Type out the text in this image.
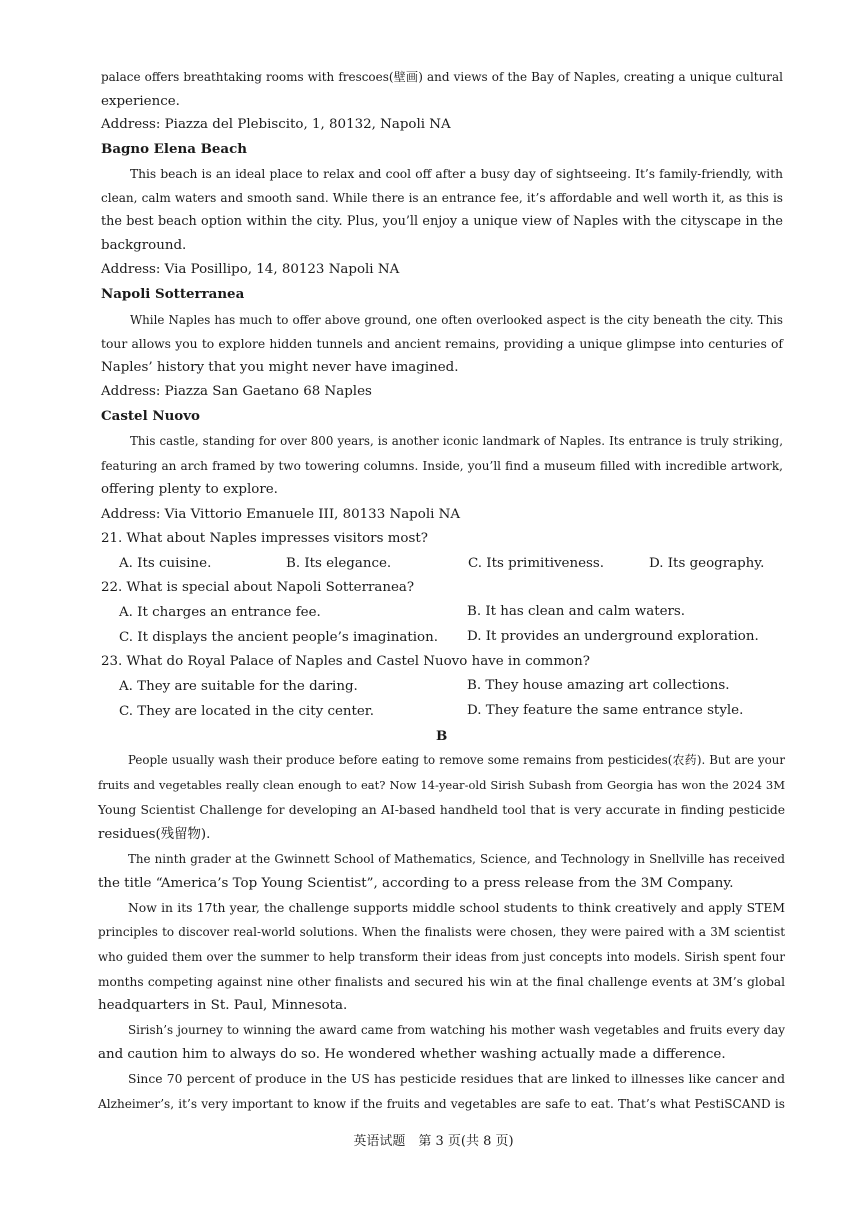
palace offers breathtaking rooms with frescoes(壁画) and views of the Bay of Naples, creating a unique cultural
experience.
Address: Piazza del Plebiscito, 1, 80132, Napoli NA
Bagno Elena Beach
This beach is an ideal place to relax and cool off after a busy day of sightseeing. It’s family-friendly, with
clean, calm waters and smooth sand. While there is an entrance fee, it’s affordable and well worth it, as this is
the best beach option within the city. Plus, you’ll enjoy a unique view of Naples with the cityscape in the
background.
Address: Via Posillipo, 14, 80123 Napoli NA
Napoli Sotterranea
While Naples has much to offer above ground, one often overlooked aspect is the city beneath the city. This
tour allows you to explore hidden tunnels and ancient remains, providing a unique glimpse into centuries of
Naples’ history that you might never have imagined.
Address: Piazza San Gaetano 68 Naples
Castel Nuovo
This castle, standing for over 800 years, is another iconic landmark of Naples. Its entrance is truly striking,
featuring an arch framed by two towering columns. Inside, you’ll find a museum filled with incredible artwork,
offering plenty to explore.
Address: Via Vittorio Emanuele III, 80133 Napoli NA
21. What about Naples impresses visitors most?
A. Its cuisine.	B. Its elegance.	C. Its primitiveness.	D. Its geography.
22. What is special about Napoli Sotterranea?
A. It charges an entrance fee.	B. It has clean and calm waters.
C. It displays the ancient people’s imagination. D. It provides an underground exploration.
23. What do Royal Palace of Naples and Castel Nuovo have in common?
A. They are suitable for the daring.	B. They house amazing art collections.
C. They are located in the city center.	D. They feature the same entrance style.
B
People usually wash their produce before eating to remove some remains from pesticides(农药). But are your
fruits and vegetables really clean enough to eat? Now 14-year-old Sirish Subash from Georgia has won the 2024 3M
Young Scientist Challenge for developing an AI-based handheld tool that is very accurate in finding pesticide
residues(残留物).
The ninth grader at the Gwinnett School of Mathematics, Science, and Technology in Snellville has received
the title “America’s Top Young Scientist”, according to a press release from the 3M Company.
Now in its 17th year, the challenge supports middle school students to think creatively and apply STEM
principles to discover real-world solutions. When the finalists were chosen, they were paired with a 3M scientist
who guided them over the summer to help transform their ideas from just concepts into models. Sirish spent four
months competing against nine other finalists and secured his win at the final challenge events at 3M’s global
headquarters in St. Paul, Minnesota.
Sirish’s journey to winning the award came from watching his mother wash vegetables and fruits every day
and caution him to always do so. He wondered whether washing actually made a difference.
Since 70 percent of produce in the US has pesticide residues that are linked to illnesses like cancer and
Alzheimer’s, it’s very important to know if the fruits and vegetables are safe to eat. That’s what PestiSCAND is
英语试题　第 3 页(共 8 页)
